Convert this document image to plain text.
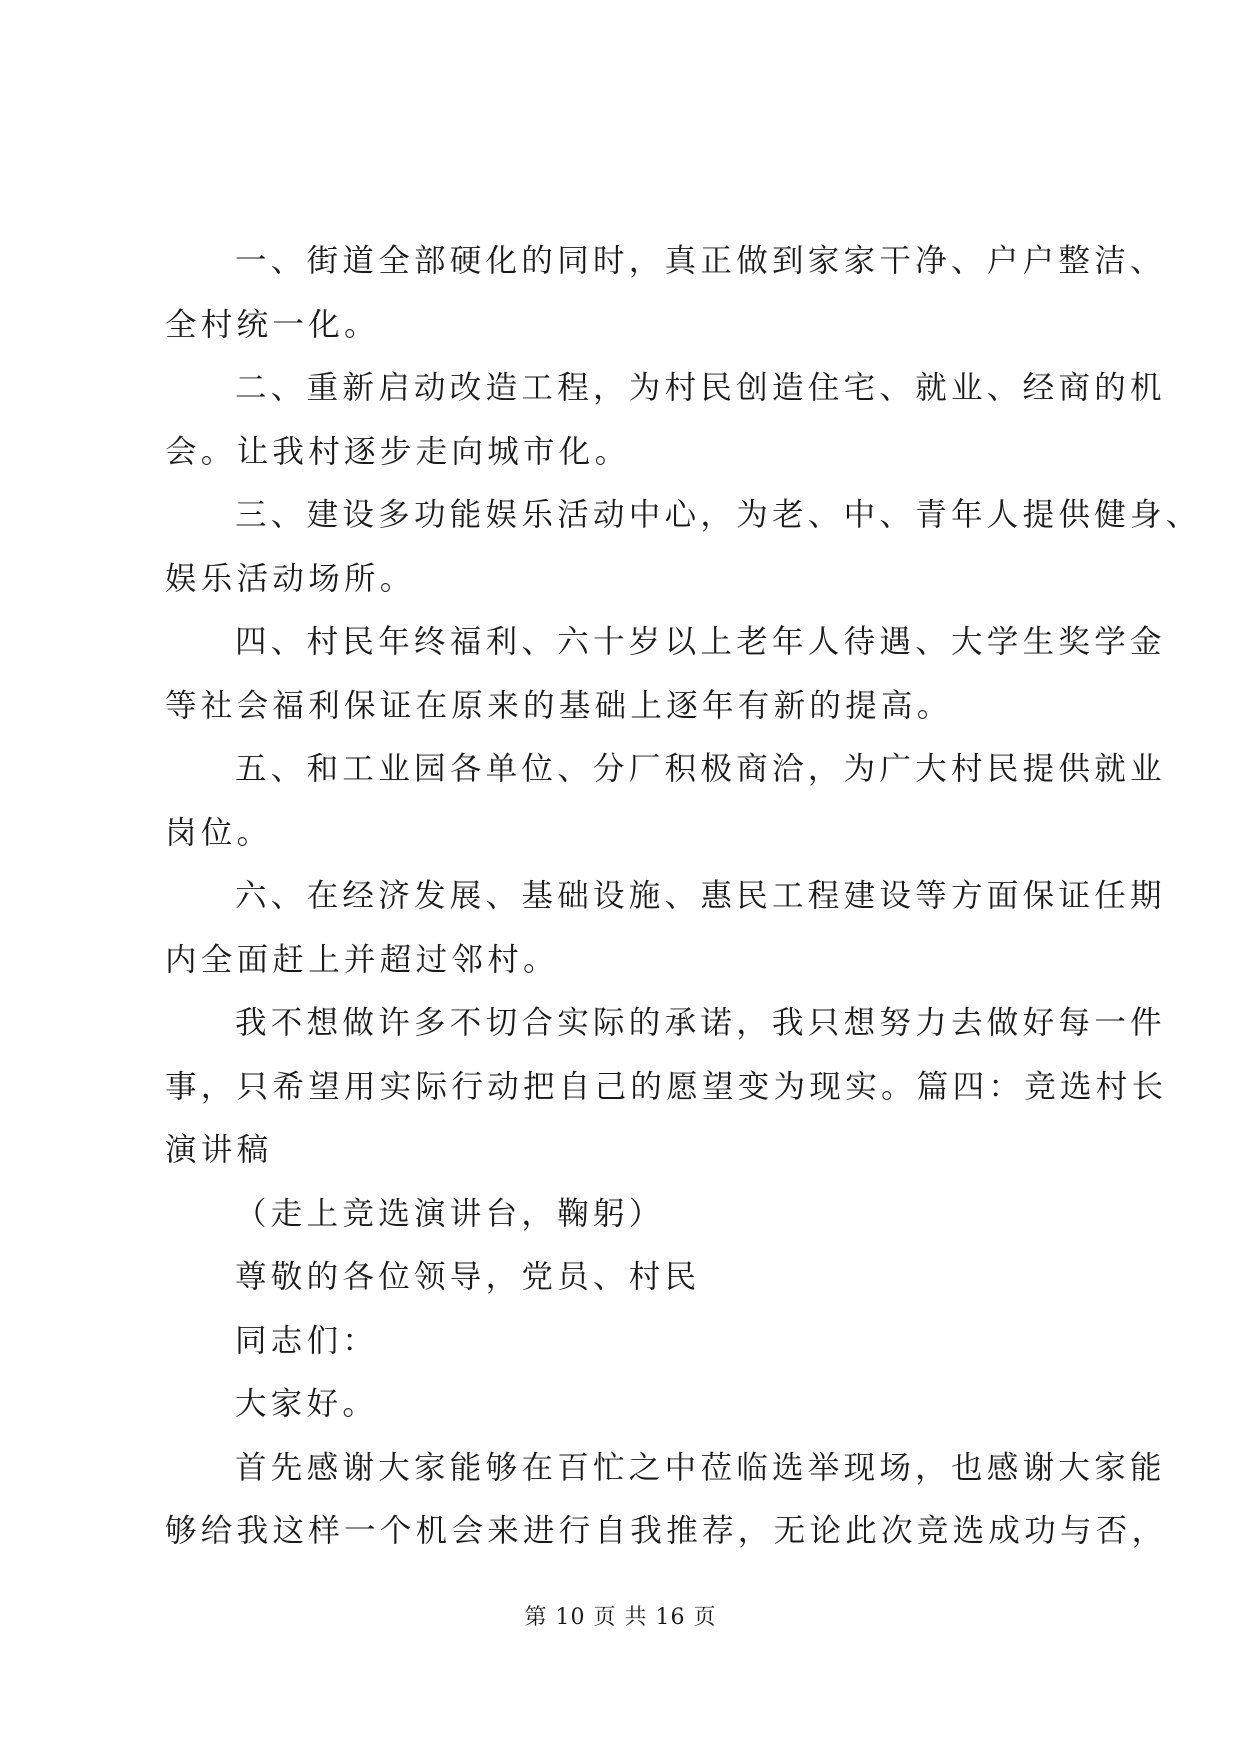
一、街道全部硬化的同时，真正做到家家干净、户户整洁、
全村统一化。
二、重新启动改造工程，为村民创造住宅、就业、经商的机
会。让我村逐步走向城市化。
三、建设多功能娱乐活动中心，为老、中、青年人提供健身、
娱乐活动场所。
四、村民年终福利、六十岁以上老年人待遇、大学生奖学金
等社会福利保证在原来的基础上逐年有新的提高。
五、和工业园各单位、分厂积极商洽，为广大村民提供就业
岗位。
六、在经济发展、基础设施、惠民工程建设等方面保证任期
内全面赶上并超过邻村。
我不想做许多不切合实际的承诺，我只想努力去做好每一件
事，只希望用实际行动把自己的愿望变为现实。篇四：竞选村长
演讲稿
（走上竞选演讲台，鞠躬）
尊敬的各位领导，党员、村民
同志们：
大家好。
首先感谢大家能够在百忙之中莅临选举现场，也感谢大家能
够给我这样一个机会来进行自我推荐，无论此次竞选成功与否，
第 10 页 共 16 页
